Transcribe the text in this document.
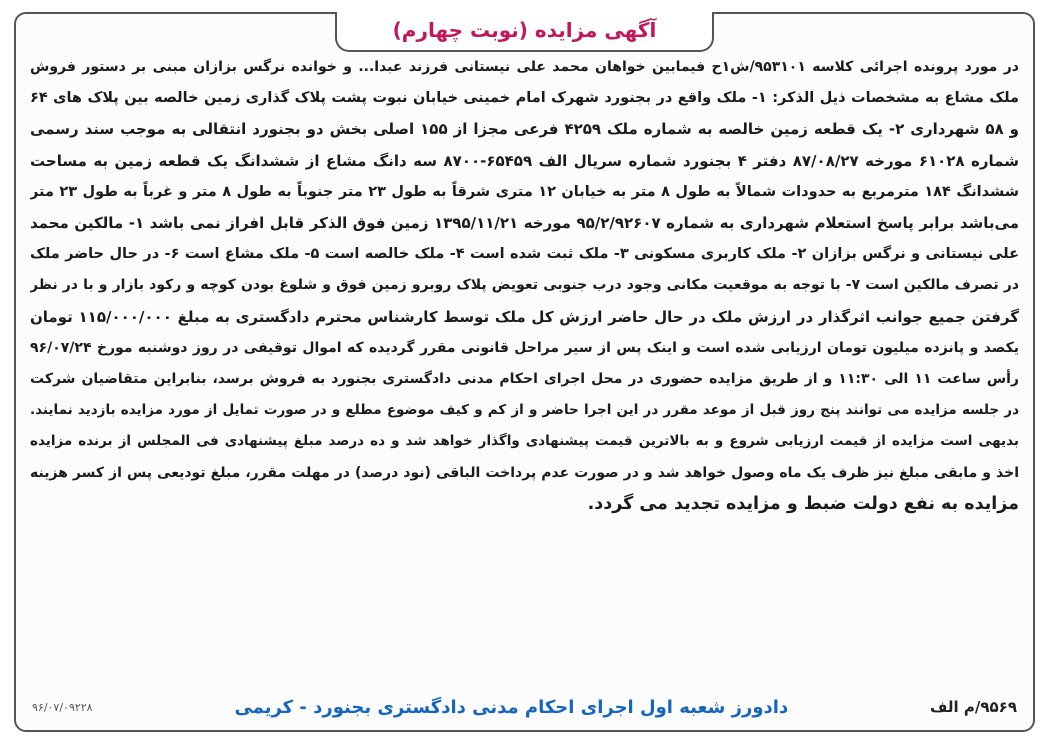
آگهی مزایده (نوبت چهارم)
در مورد پرونده اجرائی کلاسه ۹۵۳۱۰۱/ش۱ح فیمابین خواهان محمد علی نیستانی فرزند عبدا... و خوانده نرگس بزازان مبنی بر دستور فروش
ملک مشاع به مشخصات ذیل الذکر: ۱- ملک واقع در بجنورد شهرک امام خمینی خیابان نبوت پشت پلاک گذاری زمین خالصه بین پلاک های ۶۴
و ۵۸ شهرداری ۲- یک قطعه زمین خالصه به شماره ملک ۴۲۵۹ فرعی مجزا از ۱۵۵ اصلی بخش دو بجنورد انتقالی به موجب سند رسمی
شماره ۶۱۰۲۸ مورخه ۸۷/۰۸/۲۷ دفتر ۴ بجنورد شماره سریال الف ۶۵۴۵۹-۸۷۰۰ سه دانگ مشاع از ششدانگ یک قطعه زمین به مساحت
ششدانگ ۱۸۴ مترمربع به حدودات شمالاً به طول ۸ متر به خیابان ۱۲ متری شرقاً به طول ۲۳ متر جنوباً به طول ۸ متر و غرباً به طول ۲۳ متر
می‌باشد برابر پاسخ استعلام شهرداری به شماره ۹۵/۲/۹۲۶۰۷ مورخه ۱۳۹۵/۱۱/۲۱ زمین فوق الذکر قابل افراز نمی باشد ۱- مالکین محمد
علی نیستانی و نرگس بزازان ۲- ملک کاربری مسکونی ۳- ملک ثبت شده است ۴- ملک خالصه است ۵- ملک مشاع است ۶- در حال حاضر ملک
در تصرف مالکین است ۷- با توجه به موقعیت مکانی وجود درب جنوبی تعویض پلاک روبرو زمین فوق و شلوغ بودن کوچه و رکود بازار و با در نظر
گرفتن جمیع جوانب اثرگذار در ارزش ملک در حال حاضر ارزش کل ملک توسط کارشناس محترم دادگستری به مبلغ ۱۱۵/۰۰۰/۰۰۰ تومان
یکصد و پانزده میلیون تومان ارزیابی شده است و اینک پس از سیر مراحل قانونی مقرر گردیده که اموال توقیفی در روز دوشنبه مورخ ۹۶/۰۷/۲۴
رأس ساعت ۱۱ الی ۱۱:۳۰ و از طریق مزایده حضوری در محل اجرای احکام مدنی دادگستری بجنورد به فروش برسد، بنابراین متقاضیان شرکت
در جلسه مزایده می توانند پنج روز قبل از موعد مقرر در این اجرا حاضر و از کم و کیف موضوع مطلع و در صورت تمایل از مورد مزایده بازدید نمایند.
بدیهی است مزایده از قیمت ارزیابی شروع و به بالاترین قیمت پیشنهادی واگذار خواهد شد و ده درصد مبلغ پیشنهادی فی المجلس از برنده مزایده
اخذ و مابقی مبلغ نیز ظرف یک ماه وصول خواهد شد و در صورت عدم پرداخت الباقی (نود درصد) در مهلت مقرر، مبلغ تودیعی پس از کسر هزینه
مزایده به نفع دولت ضبط و مزایده تجدید می گردد.
۹۵۶۹/م الف
دادورز شعبه اول اجرای احکام مدنی دادگستری بجنورد - کریمی
۹۶/۰۷/۰۹۲۲۸
